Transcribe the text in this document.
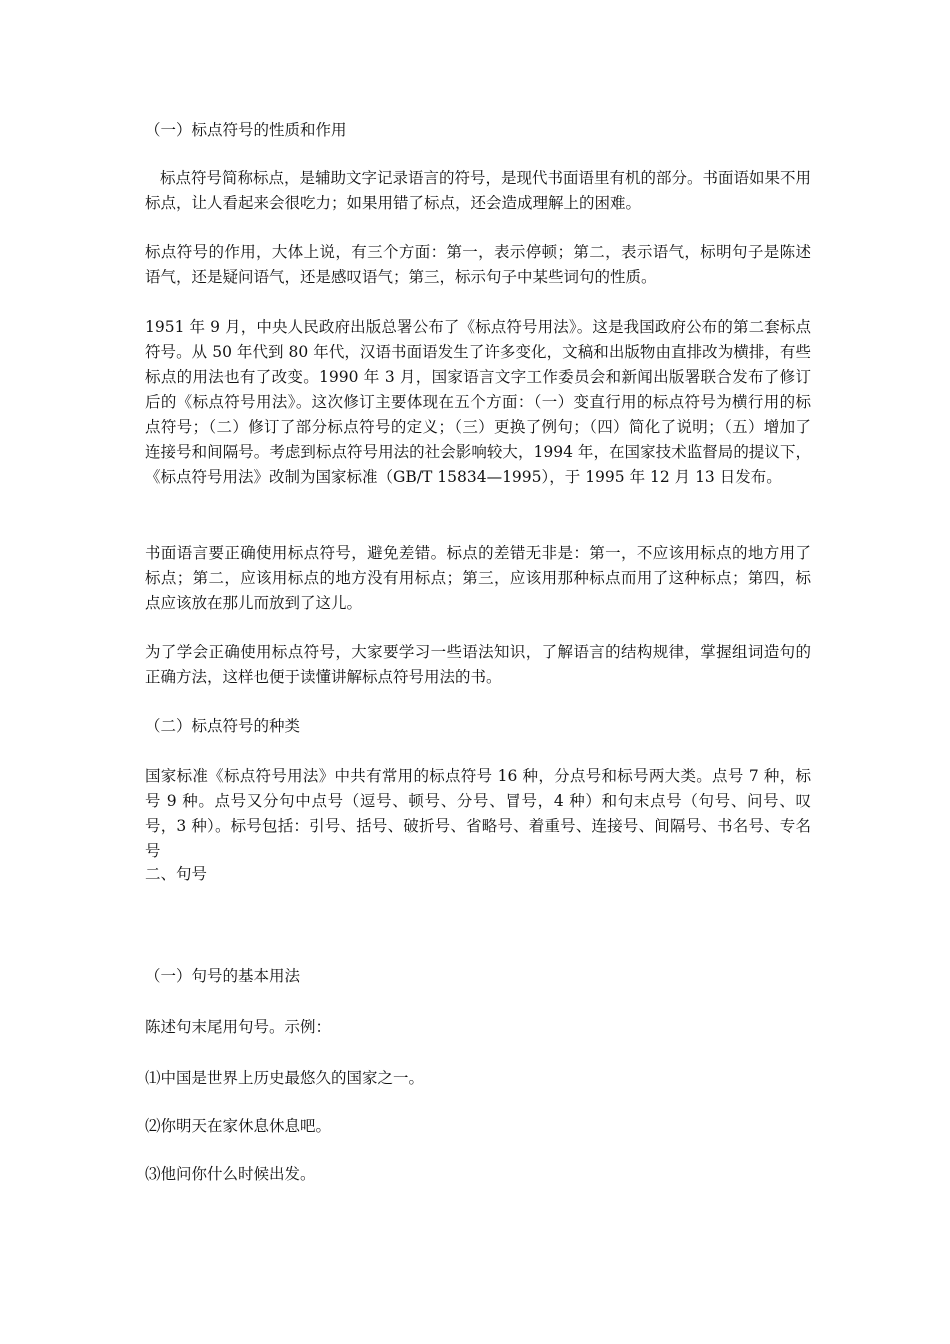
（一）标点符号的性质和作用

标点符号简称标点，是辅助文字记录语言的符号，是现代书面语里有机的部分。书面语如果不用标点，让人看起来会很吃力；如果用错了标点，还会造成理解上的困难。

标点符号的作用，大体上说，有三个方面：第一，表示停顿；第二，表示语气，标明句子是陈述语气，还是疑问语气，还是感叹语气；第三，标示句子中某些词句的性质。

1951 年 9 月，中央人民政府出版总署公布了《标点符号用法》。这是我国政府公布的第二套标点符号。从 50 年代到 80 年代，汉语书面语发生了许多变化，文稿和出版物由直排改为横排，有些标点的用法也有了改变。1990 年 3 月，国家语言文字工作委员会和新闻出版署联合发布了修订后的《标点符号用法》。这次修订主要体现在五个方面：（一）变直行用的标点符号为横行用的标点符号；（二）修订了部分标点符号的定义；（三）更换了例句；（四）简化了说明；（五）增加了连接号和间隔号。考虑到标点符号用法的社会影响较大，1994 年，在国家技术监督局的提议下，《标点符号用法》改制为国家标准（GB/T 15834—1995），于 1995 年 12 月 13 日发布。

书面语言要正确使用标点符号，避免差错。标点的差错无非是：第一，不应该用标点的地方用了标点；第二，应该用标点的地方没有用标点；第三，应该用那种标点而用了这种标点；第四，标点应该放在那儿而放到了这儿。

为了学会正确使用标点符号，大家要学习一些语法知识，了解语言的结构规律，掌握组词造句的正确方法，这样也便于读懂讲解标点符号用法的书。

（二）标点符号的种类

国家标准《标点符号用法》中共有常用的标点符号 16 种，分点号和标号两大类。点号 7 种，标号 9 种。点号又分句中点号（逗号、顿号、分号、冒号，4 种）和句末点号（句号、问号、叹号，3 种）。标号包括：引号、括号、破折号、省略号、着重号、连接号、间隔号、书名号、专名号

二、句号

（一）句号的基本用法

陈述句末尾用句号。示例：

⑴中国是世界上历史最悠久的国家之一。

⑵你明天在家休息休息吧。

⑶他问你什么时候出发。
